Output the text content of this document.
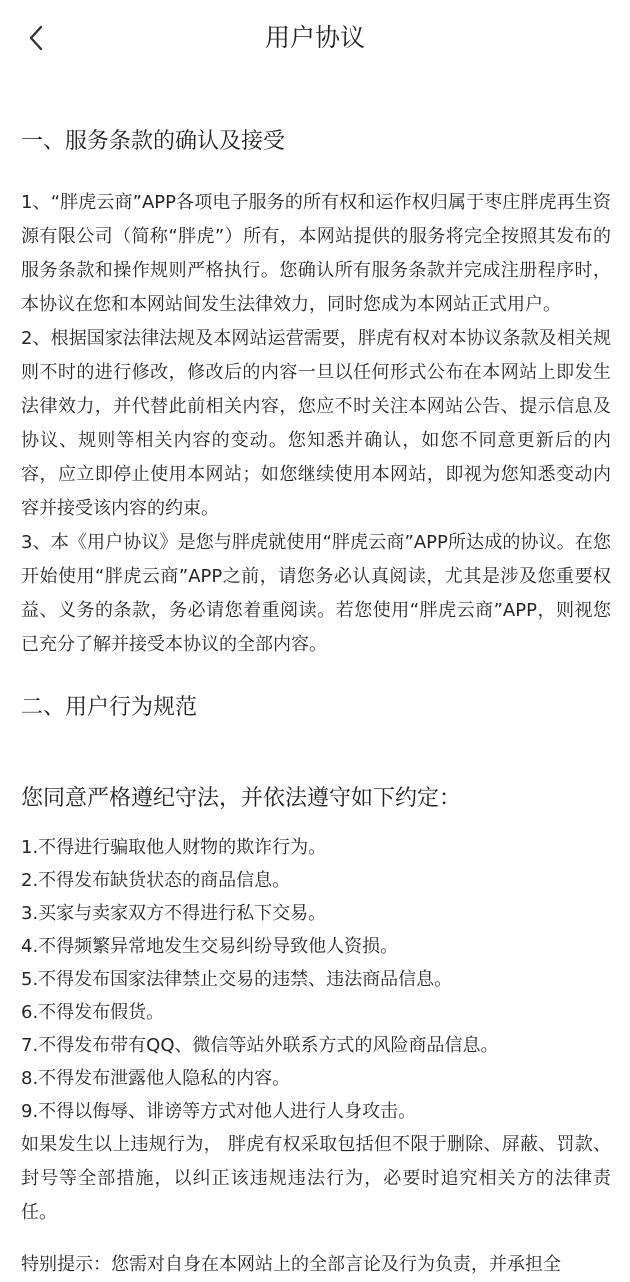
用户协议
一、服务条款的确认及接受

1、“胖虎云商”APP各项电子服务的所有权和运作权归属于枣庄胖虎再生资源有限公司（简称“胖虎”）所有，本网站提供的服务将完全按照其发布的服务条款和操作规则严格执行。您确认所有服务条款并完成注册程序时，本协议在您和本网站间发生法律效力，同时您成为本网站正式用户。

2、根据国家法律法规及本网站运营需要，胖虎有权对本协议条款及相关规则不时的进行修改，修改后的内容一旦以任何形式公布在本网站上即发生法律效力，并代替此前相关内容，您应不时关注本网站公告、提示信息及协议、规则等相关内容的变动。您知悉并确认，如您不同意更新后的内容，应立即停止使用本网站；如您继续使用本网站，即视为您知悉变动内容并接受该内容的约束。

3、本《用户协议》是您与胖虎就使用“胖虎云商”APP所达成的协议。在您开始使用“胖虎云商”APP之前，请您务必认真阅读，尤其是涉及您重要权益、义务的条款，务必请您着重阅读。若您使用“胖虎云商”APP，则视您已充分了解并接受本协议的全部内容。

二、用户行为规范
您同意严格遵纪守法，并依法遵守如下约定：
1.不得进行骗取他人财物的欺诈行为。
2.不得发布缺货状态的商品信息。
3.买家与卖家双方不得进行私下交易。
4.不得频繁异常地发生交易纠纷导致他人资损。
5.不得发布国家法律禁止交易的违禁、违法商品信息。
6.不得发布假货。
7.不得发布带有QQ、微信等站外联系方式的风险商品信息。
8.不得发布泄露他人隐私的内容。
9.不得以侮辱、诽谤等方式对他人进行人身攻击。

如果发生以上违规行为， 胖虎有权采取包括但不限于删除、屏蔽、罚款、封号等全部措施，以纠正该违规违法行为，必要时追究相关方的法律责任。

特别提示：您需对自身在本网站上的全部言论及行为负责，并承担全
